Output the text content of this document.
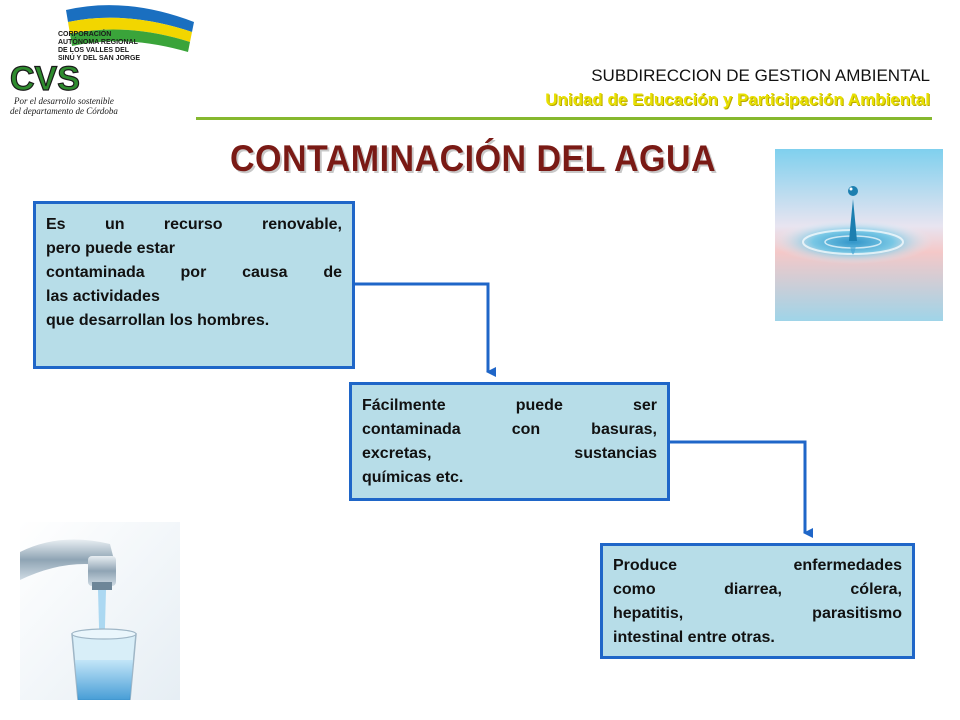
CORPORACIÓN
AUTÓNOMA REGIONAL
DE LOS VALLES DEL
SINÚ Y DEL SAN JORGE
CVS
Por el desarrollo sostenible
del departamento de Córdoba
SUBDIRECCION DE GESTION AMBIENTAL
Unidad de Educación y Participación Ambiental
CONTAMINACIÓN DEL AGUA
Es un recurso renovable,
pero puede estar
contaminada por causa de
las actividades
que desarrollan los hombres.
Fácilmente puede ser
contaminada con basuras,
excretas, sustancias
químicas etc.
Produce enfermedades
como diarrea, cólera,
hepatitis, parasitismo
intestinal entre otras.
